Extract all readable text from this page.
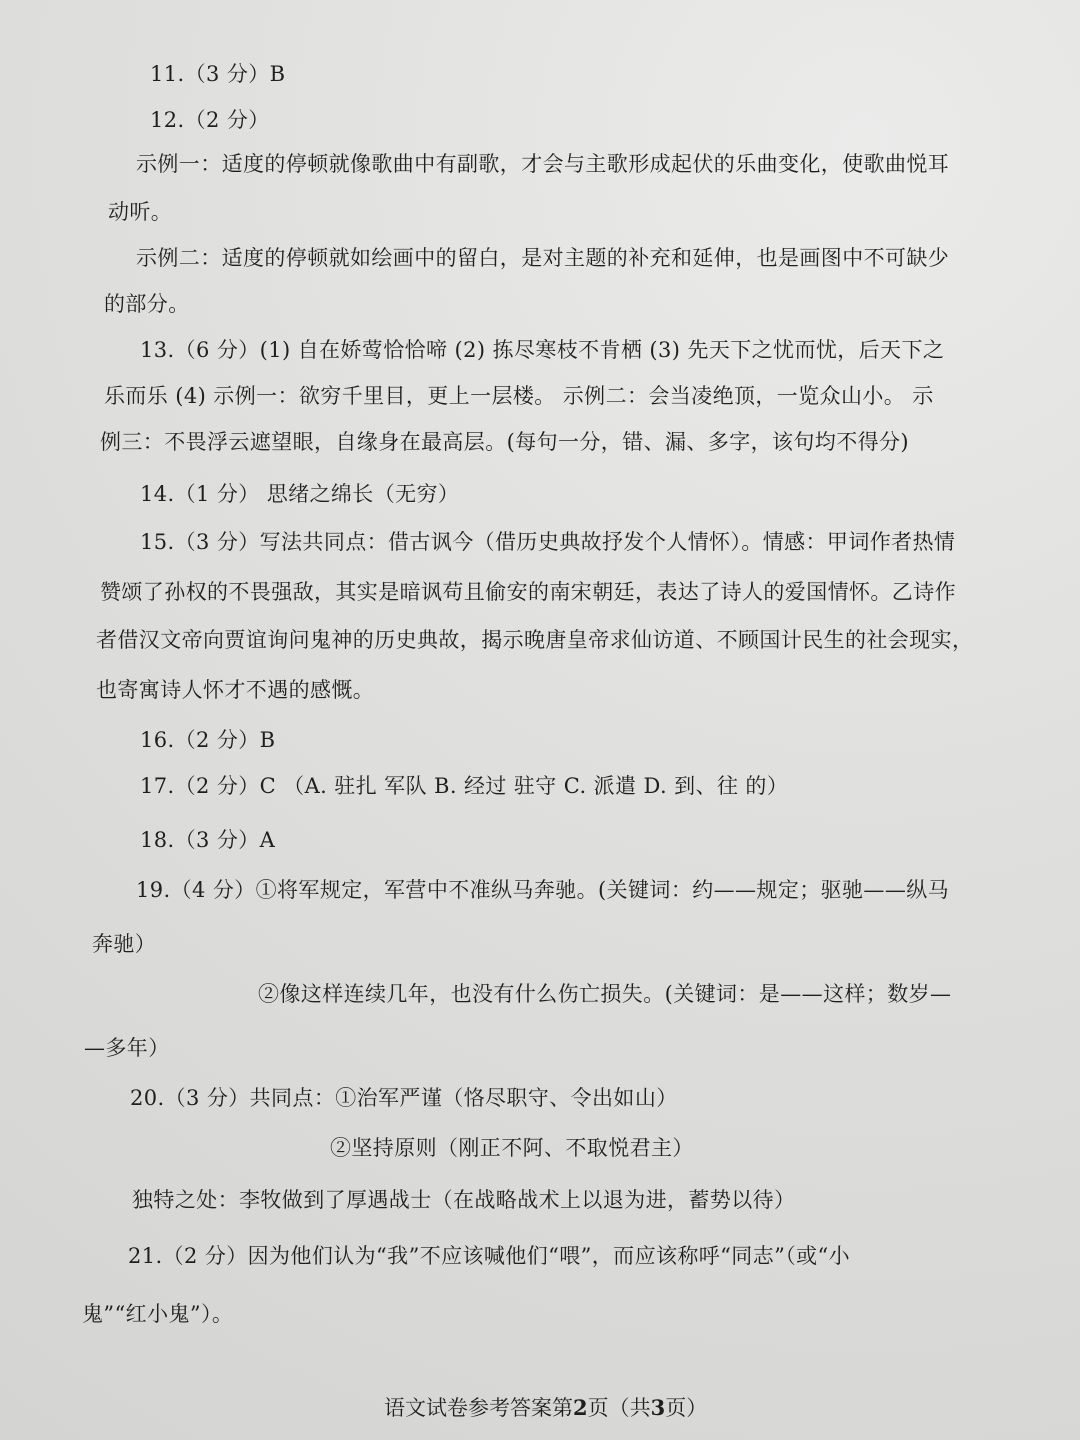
11.（3 分）B
12.（2 分）
示例一：适度的停顿就像歌曲中有副歌，才会与主歌形成起伏的乐曲变化，使歌曲悦耳
动听。
示例二：适度的停顿就如绘画中的留白，是对主题的补充和延伸，也是画图中不可缺少
的部分。
13.（6 分）(1) 自在娇莺恰恰啼 (2) 拣尽寒枝不肯栖 (3) 先天下之忧而忧，后天下之
乐而乐 (4) 示例一：欲穷千里目，更上一层楼。 示例二：会当凌绝顶，一览众山小。 示
例三：不畏浮云遮望眼，自缘身在最高层。(每句一分，错、漏、多字，该句均不得分)
14.（1 分） 思绪之绵长（无穷）
15.（3 分）写法共同点：借古讽今（借历史典故抒发个人情怀）。情感：甲词作者热情
赞颂了孙权的不畏强敌，其实是暗讽苟且偷安的南宋朝廷，表达了诗人的爱国情怀。乙诗作
者借汉文帝向贾谊询问鬼神的历史典故，揭示晚唐皇帝求仙访道、不顾国计民生的社会现实，
也寄寓诗人怀才不遇的感慨。
16.（2 分）B
17.（2 分）C （A. 驻扎 军队 B. 经过 驻守 C. 派遣 D. 到、往 的）
18.（3 分）A
19.（4 分）①将军规定，军营中不准纵马奔驰。(关键词：约——规定；驱驰——纵马
奔驰）
②像这样连续几年，也没有什么伤亡损失。(关键词：是——这样；数岁—
—多年）
20.（3 分）共同点：①治军严谨（恪尽职守、令出如山）
②坚持原则（刚正不阿、不取悦君主）
独特之处：李牧做到了厚遇战士（在战略战术上以退为进，蓄势以待）
21.（2 分）因为他们认为“我”不应该喊他们“喂”，而应该称呼“同志”（或“小
鬼”“红小鬼”）。
语文试卷参考答案第2页（共3页）
